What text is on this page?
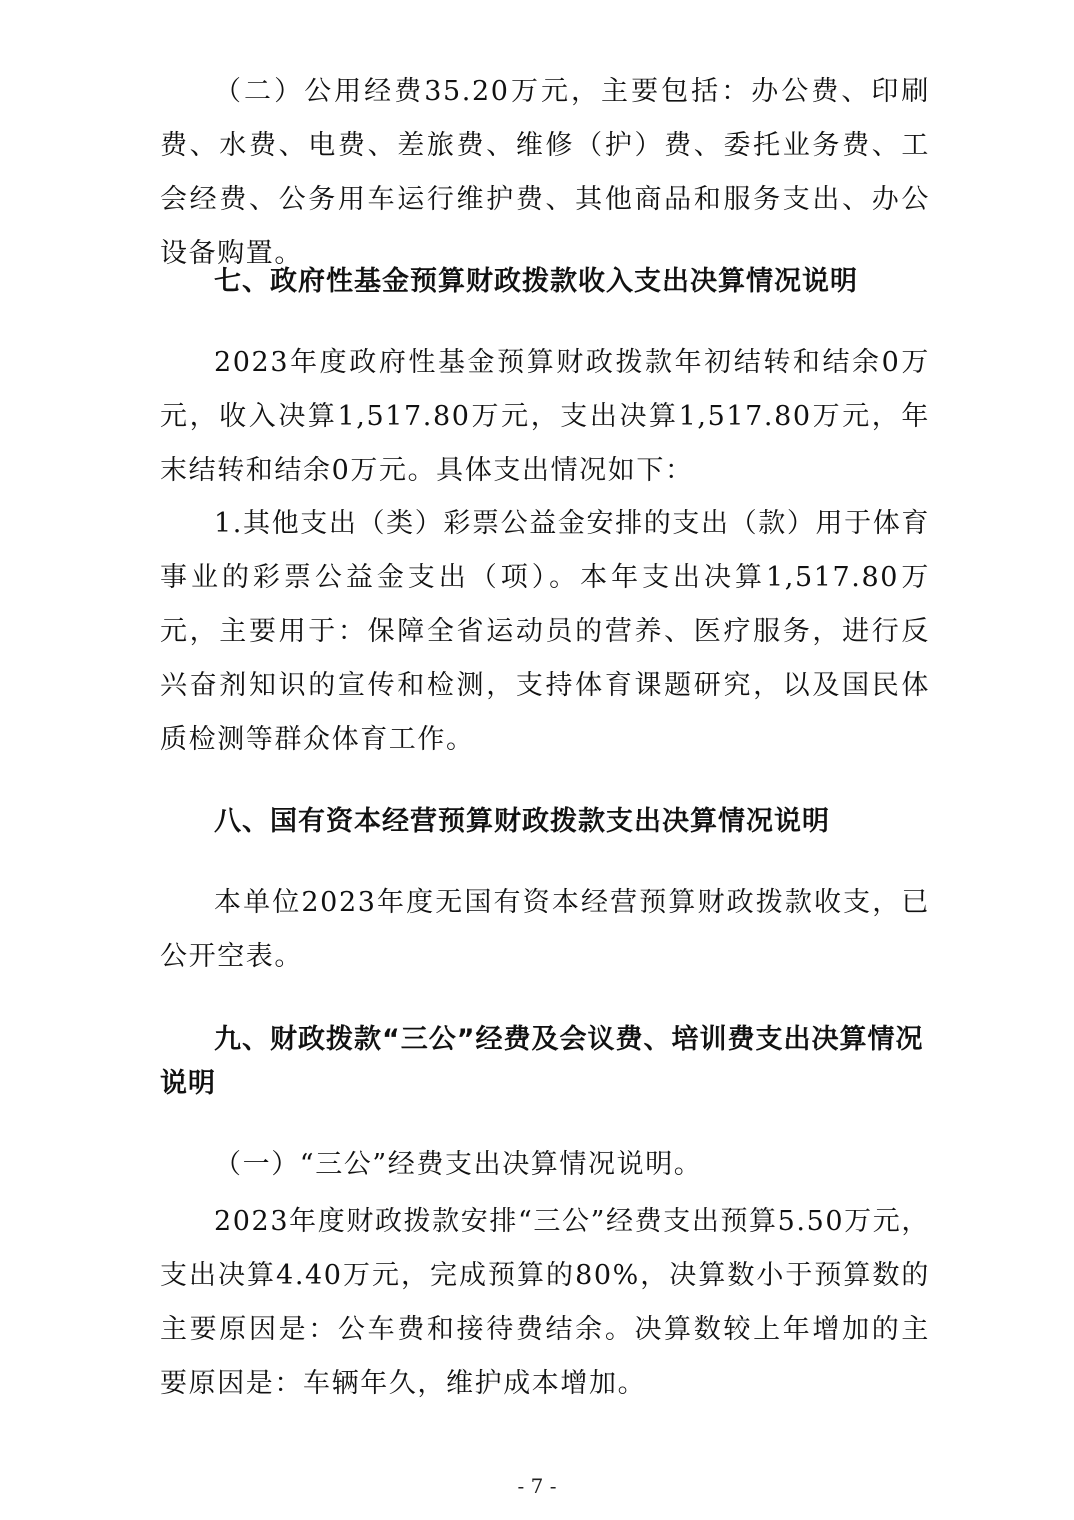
（二）公用经费35.20万元，主要包括：办公费、印刷费、水费、电费、差旅费、维修（护）费、委托业务费、工会经费、公务用车运行维护费、其他商品和服务支出、办公设备购置。

七、政府性基金预算财政拨款收入支出决算情况说明

2023年度政府性基金预算财政拨款年初结转和结余0万元，收入决算1,517.80万元，支出决算1,517.80万元，年末结转和结余0万元。具体支出情况如下：

1.其他支出（类）彩票公益金安排的支出（款）用于体育事业的彩票公益金支出（项）。本年支出决算1,517.80万元，主要用于：保障全省运动员的营养、医疗服务，进行反兴奋剂知识的宣传和检测，支持体育课题研究，以及国民体质检测等群众体育工作。

八、国有资本经营预算财政拨款支出决算情况说明

本单位2023年度无国有资本经营预算财政拨款收支，已公开空表。

九、财政拨款“三公”经费及会议费、培训费支出决算情况说明

（一）“三公”经费支出决算情况说明。

2023年度财政拨款安排“三公”经费支出预算5.50万元，支出决算4.40万元，完成预算的80%，决算数小于预算数的主要原因是：公车费和接待费结余。决算数较上年增加的主要原因是：车辆年久，维护成本增加。

- 7 -
